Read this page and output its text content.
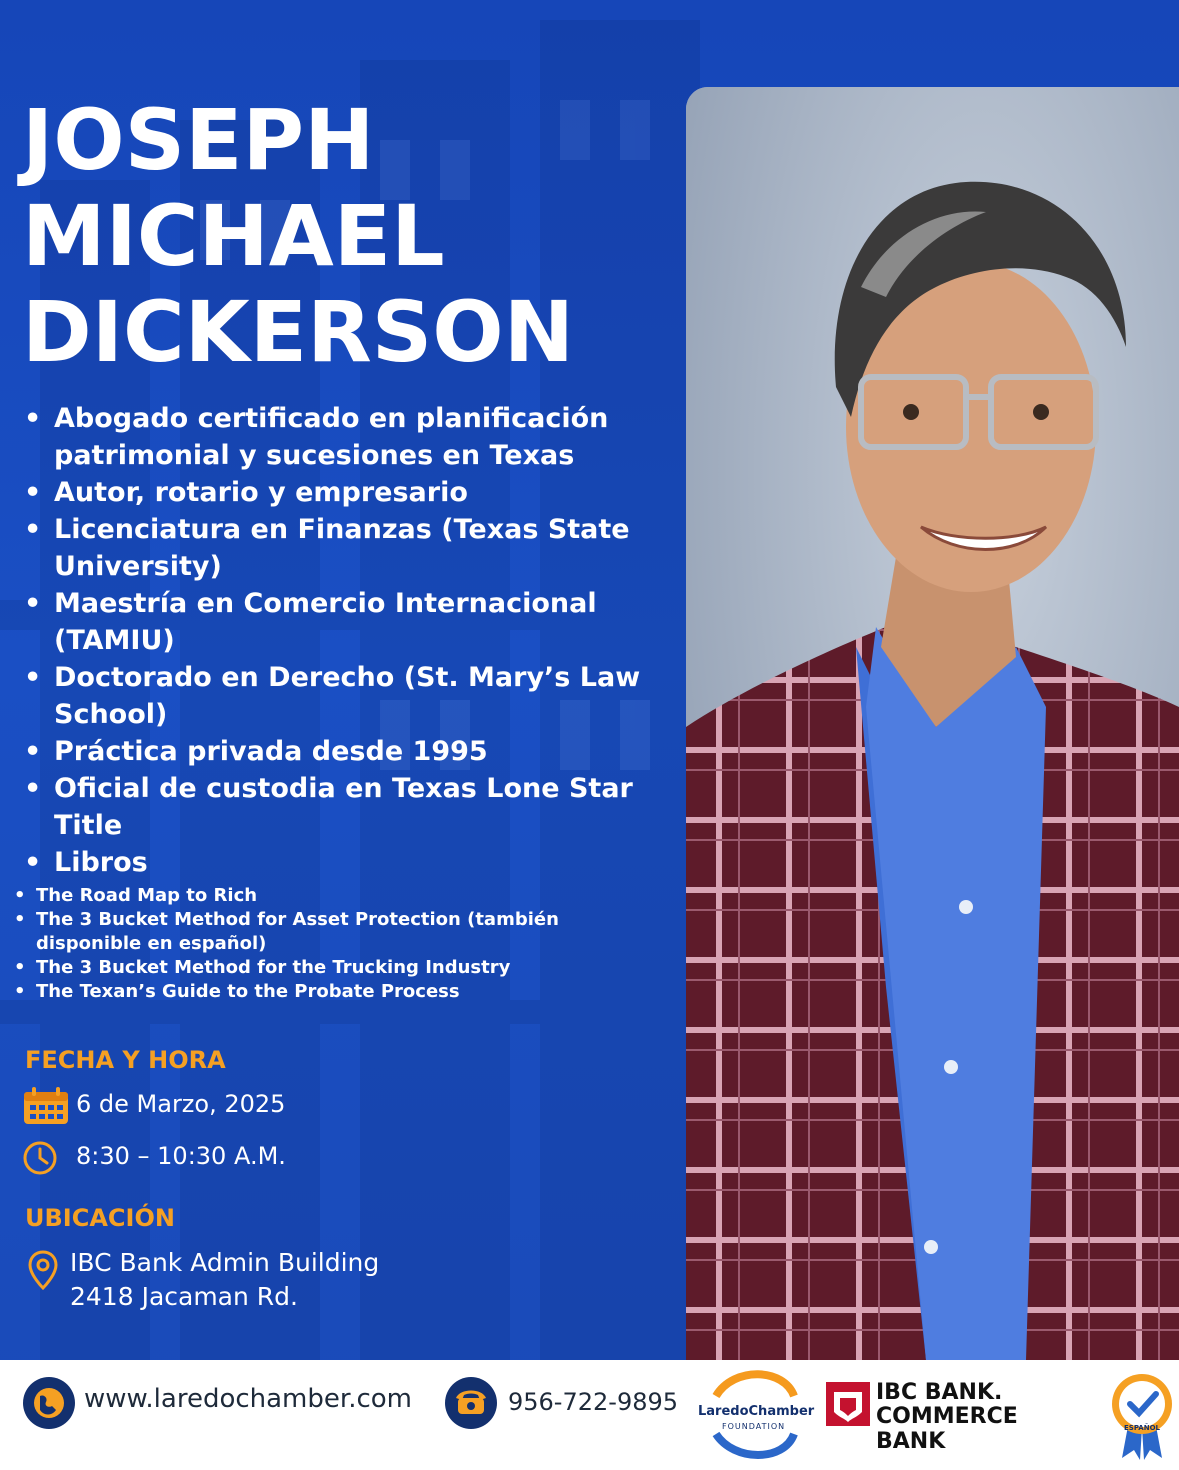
JOSEPH
MICHAEL
DICKERSON
• Abogado certificado en planificación patrimonial y sucesiones en Texas
• Autor, rotario y empresario
• Licenciatura en Finanzas (Texas State University)
• Maestría en Comercio Internacional (TAMIU)
• Doctorado en Derecho (St. Mary’s Law School)
• Práctica privada desde 1995
• Oficial de custodia en Texas Lone Star Title
• Libros
• The Road Map to Rich
• The 3 Bucket Method for Asset Protection (también disponible en español)
• The 3 Bucket Method for the Trucking Industry
• The Texan’s Guide to the Probate Process
FECHA Y HORA
6 de Marzo, 2025
8:30 – 10:30 A.M.
UBICACIÓN
IBC Bank Admin Building
2418 Jacaman Rd.
www.laredochamber.com	956-722-9895 LaredoChamber
FOUNDATION
IBC BANK.
COMMERCE BANK
ESPAÑOL
